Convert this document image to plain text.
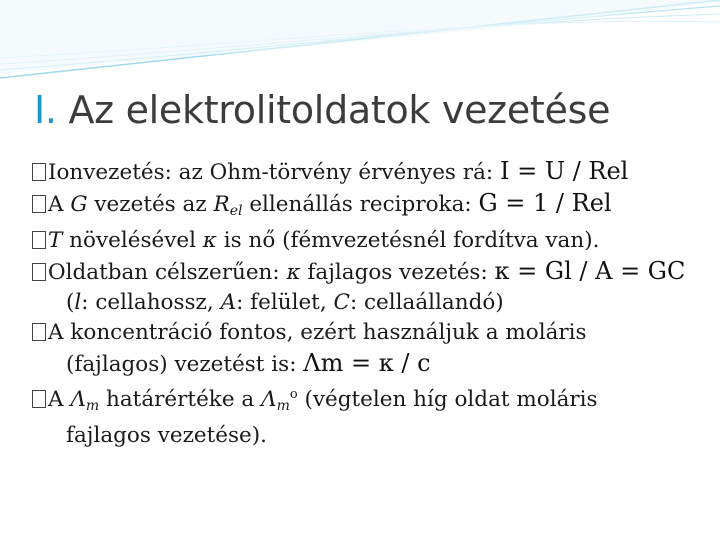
I. Az elektrolitoldatok vezetése
Ionvezetés: az Ohm-törvény érvényes rá: I = U / Rel
A G vezetés az Rel ellenállás reciproka: G = 1 / Rel
T növelésével κ is nő (fémvezetésnél fordítva van).
Oldatban célszerűen: κ fajlagos vezetés: κ = Gl / A = GC
(l: cellahossz, A: felület, C: cellaállandó)
A koncentráció fontos, ezért használjuk a moláris
(fajlagos) vezetést is: Λm = κ / c
A Λm határértéke a $\Lambda m^o$ (végtelen híg oldat moláris
fajlagos vezetése).
